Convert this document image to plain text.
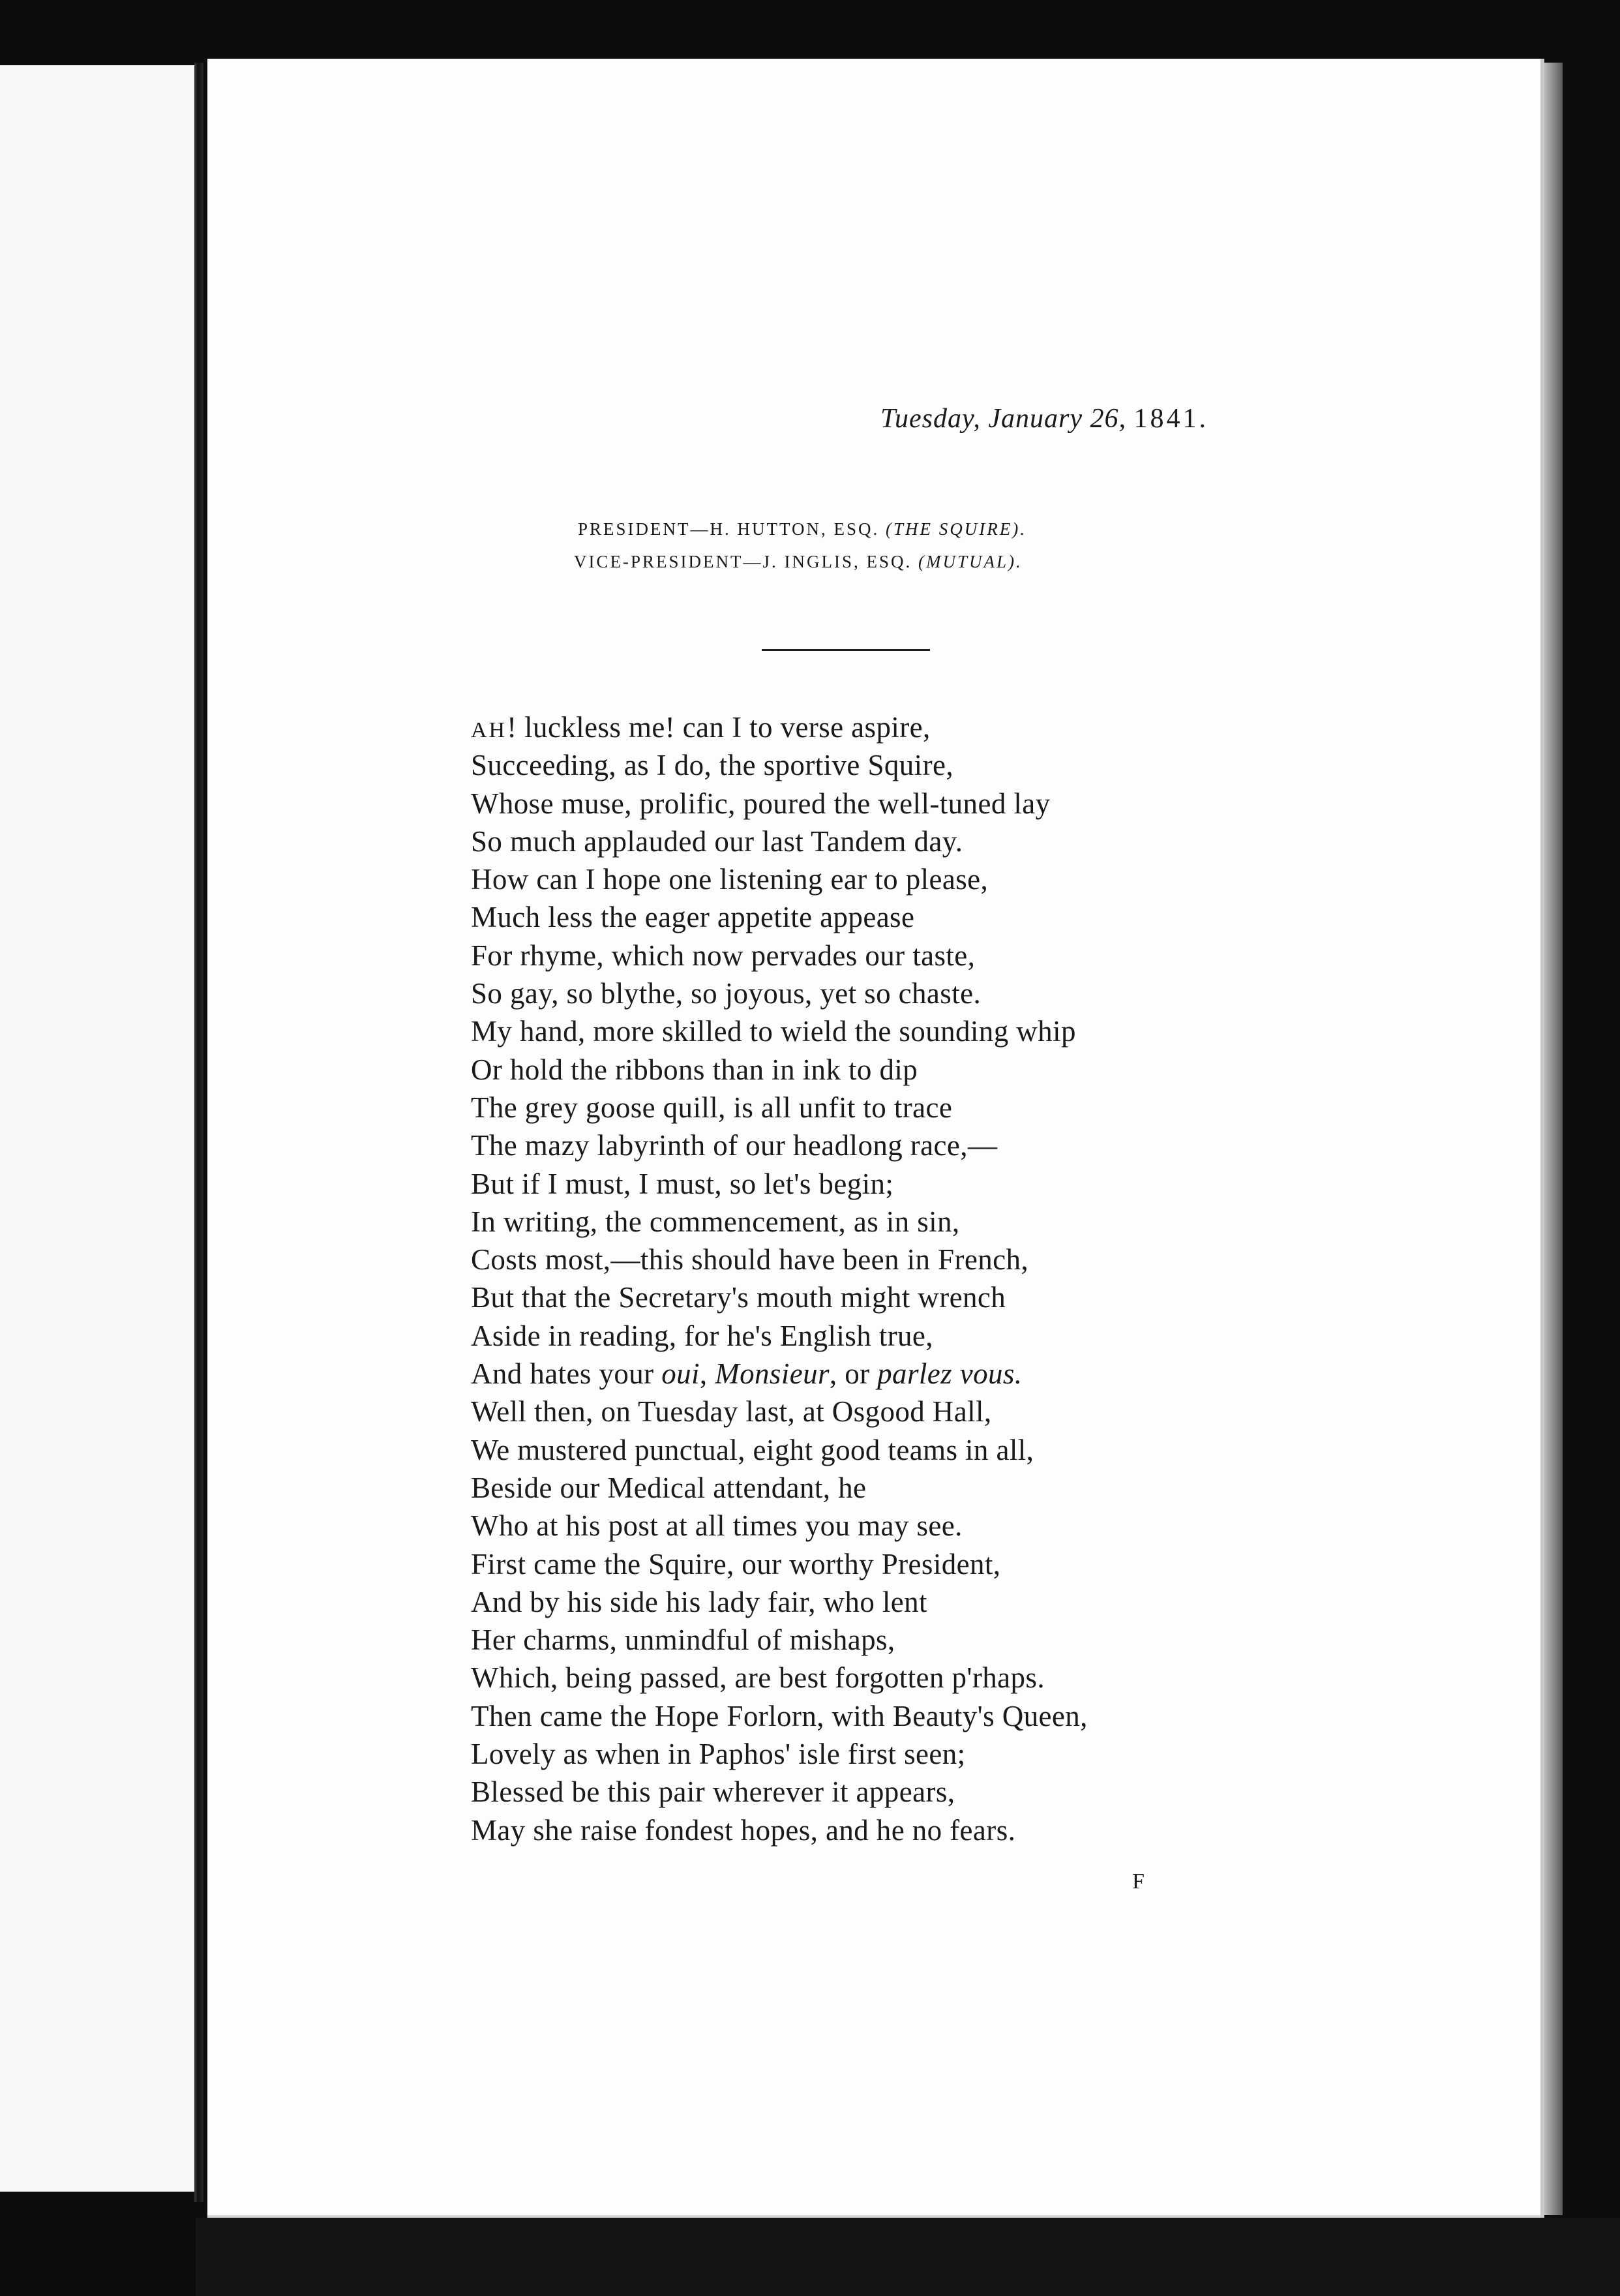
Tuesday, January 26, 1841.
PRESIDENT—H. HUTTON, ESQ. (THE SQUIRE).
VICE-PRESIDENT—J. INGLIS, ESQ. (MUTUAL).
AH! luckless me! can I to verse aspire,
Succeeding, as I do, the sportive Squire,
Whose muse, prolific, poured the well-tuned lay
So much applauded our last Tandem day.
How can I hope one listening ear to please,
Much less the eager appetite appease
For rhyme, which now pervades our taste,
So gay, so blythe, so joyous, yet so chaste.
My hand, more skilled to wield the sounding whip
Or hold the ribbons than in ink to dip
The grey goose quill, is all unfit to trace
The mazy labyrinth of our headlong race,—
But if I must, I must, so let's begin;
In writing, the commencement, as in sin,
Costs most,—this should have been in French,
But that the Secretary's mouth might wrench
Aside in reading, for he's English true,
And hates your oui, Monsieur, or parlez vous.
Well then, on Tuesday last, at Osgood Hall,
We mustered punctual, eight good teams in all,
Beside our Medical attendant, he
Who at his post at all times you may see.
First came the Squire, our worthy President,
And by his side his lady fair, who lent
Her charms, unmindful of mishaps,
Which, being passed, are best forgotten p'rhaps.
Then came the Hope Forlorn, with Beauty's Queen,
Lovely as when in Paphos' isle first seen;
Blessed be this pair wherever it appears,
May she raise fondest hopes, and he no fears.
F
